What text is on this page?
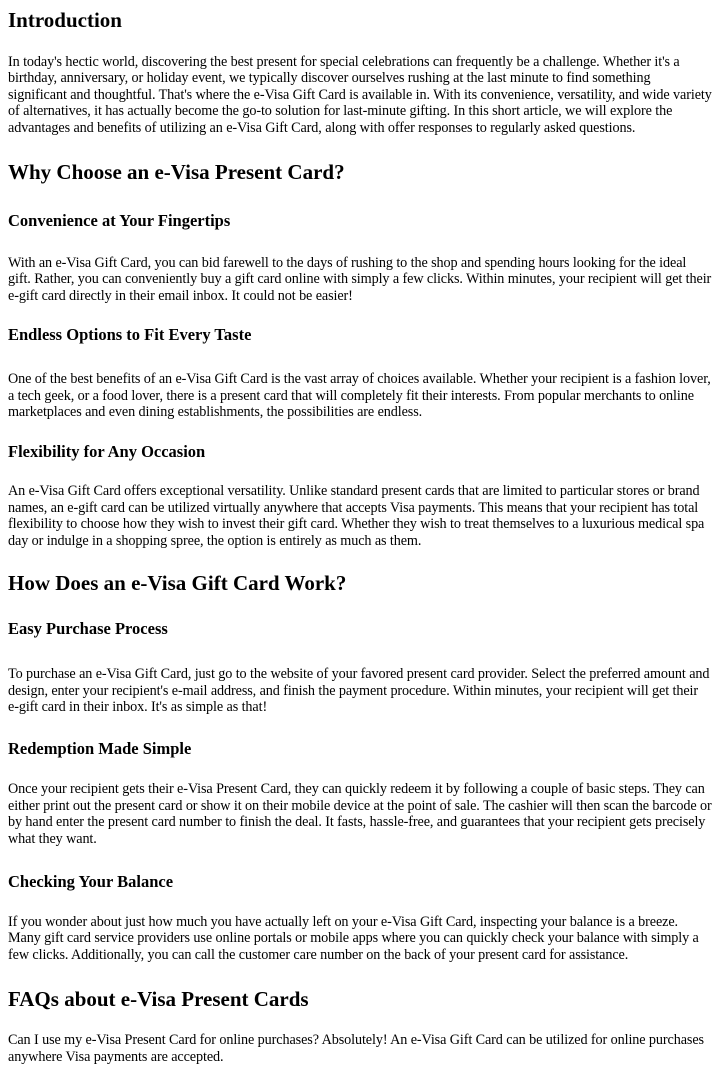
Introduction

In today's hectic world, discovering the best present for special celebrations can frequently be a challenge. Whether it's a birthday, anniversary, or holiday event, we typically discover ourselves rushing at the last minute to find something significant and thoughtful. That's where the e-Visa Gift Card is available in. With its convenience, versatility, and wide variety of alternatives, it has actually become the go-to solution for last-minute gifting. In this short article, we will explore the advantages and benefits of utilizing an e-Visa Gift Card, along with offer responses to regularly asked questions.

Why Choose an e-Visa Present Card?
Convenience at Your Fingertips

With an e-Visa Gift Card, you can bid farewell to the days of rushing to the shop and spending hours looking for the ideal gift. Rather, you can conveniently buy a gift card online with simply a few clicks. Within minutes, your recipient will get their e-gift card directly in their email inbox. It could not be easier!

Endless Options to Fit Every Taste

One of the best benefits of an e-Visa Gift Card is the vast array of choices available. Whether your recipient is a fashion lover, a tech geek, or a food lover, there is a present card that will completely fit their interests. From popular merchants to online marketplaces and even dining establishments, the possibilities are endless.

Flexibility for Any Occasion

An e-Visa Gift Card offers exceptional versatility. Unlike standard present cards that are limited to particular stores or brand names, an e-gift card can be utilized virtually anywhere that accepts Visa payments. This means that your recipient has total flexibility to choose how they wish to invest their gift card. Whether they wish to treat themselves to a luxurious medical spa day or indulge in a shopping spree, the option is entirely as much as them.

How Does an e-Visa Gift Card Work?
Easy Purchase Process

To purchase an e-Visa Gift Card, just go to the website of your favored present card provider. Select the preferred amount and design, enter your recipient's e-mail address, and finish the payment procedure. Within minutes, your recipient will get their e-gift card in their inbox. It's as simple as that!

Redemption Made Simple

Once your recipient gets their e-Visa Present Card, they can quickly redeem it by following a couple of basic steps. They can either print out the present card or show it on their mobile device at the point of sale. The cashier will then scan the barcode or by hand enter the present card number to finish the deal. It fasts, hassle-free, and guarantees that your recipient gets precisely what they want.

Checking Your Balance

If you wonder about just how much you have actually left on your e-Visa Gift Card, inspecting your balance is a breeze. Many gift card service providers use online portals or mobile apps where you can quickly check your balance with simply a few clicks. Additionally, you can call the customer care number on the back of your present card for assistance.

FAQs about e-Visa Present Cards

Can I use my e-Visa Present Card for online purchases? Absolutely! An e-Visa Gift Card can be utilized for online purchases anywhere Visa payments are accepted.
